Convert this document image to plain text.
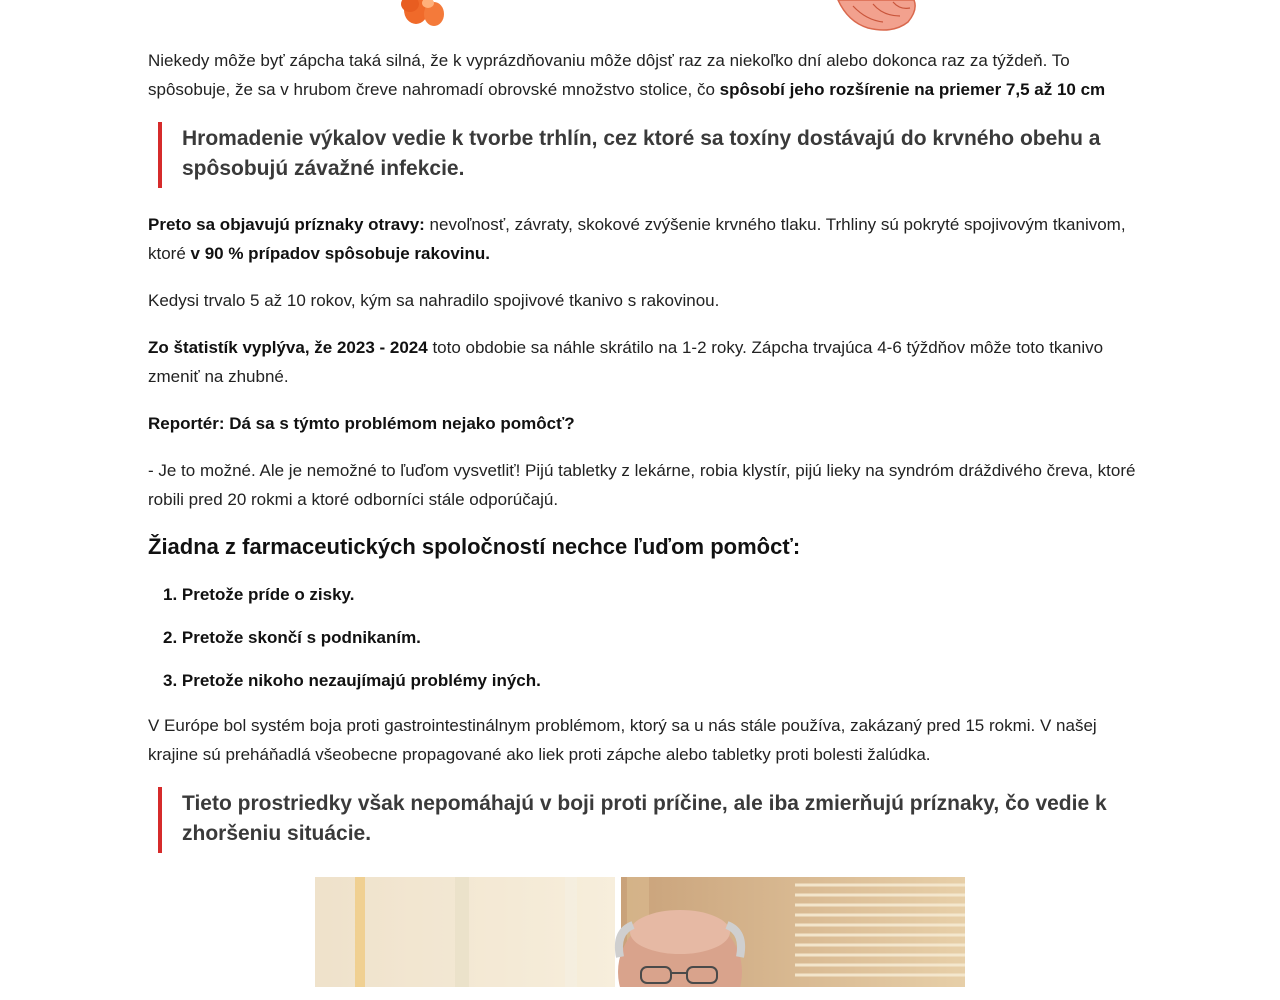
Niekedy môže byť zápcha taká silná, že k vyprázdňovaniu môže dôjsť raz za niekoľko dní alebo dokonca raz za týždeň. To spôsobuje, že sa v hrubom čreve nahromadí obrovské množstvo stolice, čo spôsobí jeho rozšírenie na priemer 7,5 až 10 cm

Hromadenie výkalov vedie k tvorbe trhlín, cez ktoré sa toxíny dostávajú do krvného obehu a spôsobujú závažné infekcie.

Preto sa objavujú príznaky otravy: nevoľnosť, závraty, skokové zvýšenie krvného tlaku. Trhliny sú pokryté spojivovým tkanivom, ktoré v 90 % prípadov spôsobuje rakovinu.

Kedysi trvalo 5 až 10 rokov, kým sa nahradilo spojivové tkanivo s rakovinou.

Zo štatistík vyplýva, že 2023 - 2024 toto obdobie sa náhle skrátilo na 1-2 roky. Zápcha trvajúca 4-6 týždňov môže toto tkanivo zmeniť na zhubné.

Reportér: Dá sa s týmto problémom nejako pomôcť?

- Je to možné. Ale je nemožné to ľuďom vysvetliť! Pijú tabletky z lekárne, robia klystír, pijú lieky na syndróm dráždivého čreva, ktoré robili pred 20 rokmi a ktoré odborníci stále odporúčajú.

Žiadna z farmaceutických spoločností nechce ľuďom pomôcť:
1. Pretože príde o zisky.
2. Pretože skončí s podnikaním.
3. Pretože nikoho nezaujímajú problémy iných.

V Európe bol systém boja proti gastrointestinálnym problémom, ktorý sa u nás stále používa, zakázaný pred 15 rokmi. V našej krajine sú preháňadlá všeobecne propagované ako liek proti zápche alebo tabletky proti bolesti žalúdka.

Tieto prostriedky však nepomáhajú v boji proti príčine, ale iba zmierňujú príznaky, čo vedie k zhoršeniu situácie.
